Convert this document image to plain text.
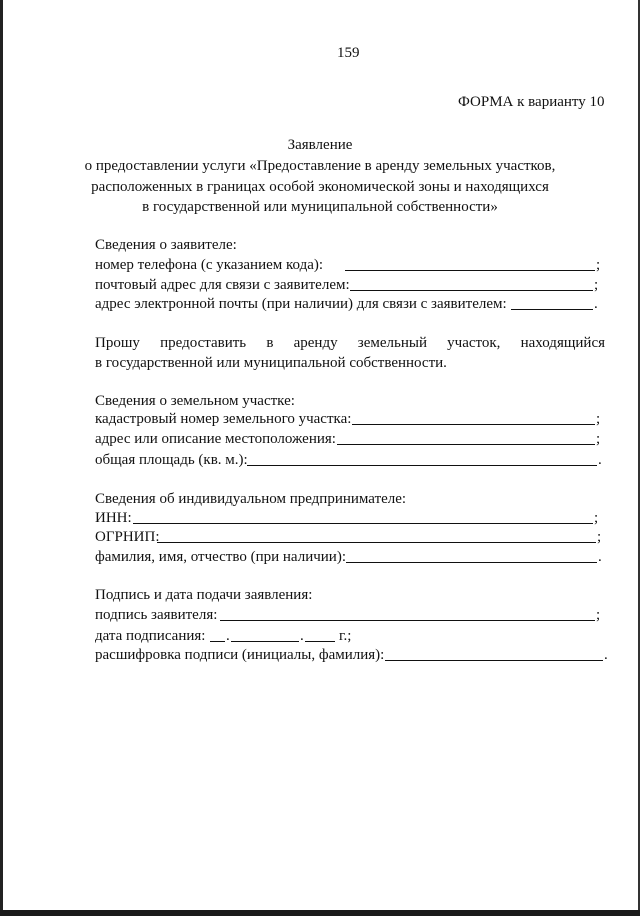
159
ФОРМА к варианту 10
Заявление
о предоставлении услуги «Предоставление в аренду земельных участков,
расположенных в границах особой экономической зоны и находящихся
в государственной или муниципальной собственности»
Сведения о заявителе:
номер телефона (с указанием кода):	;
почтовый адрес для связи с заявителем:	;
адрес электронной почты (при наличии) для связи с заявителем:	.
Прошу предоставить в аренду земельный участок, находящийся
в государственной или муниципальной собственности.
Сведения о земельном участке:
кадастровый номер земельного участка:	;
адрес или описание местоположения:	;
общая площадь (кв. м.):	.
Сведения об индивидуальном предпринимателе:
ИНН:	;
ОГРНИП:	;
фамилия, имя, отчество (при наличии):	.
Подпись и дата подачи заявления:
подпись заявителя:	;
дата подписания: .	. г.;
расшифровка подписи (инициалы, фамилия):	.
